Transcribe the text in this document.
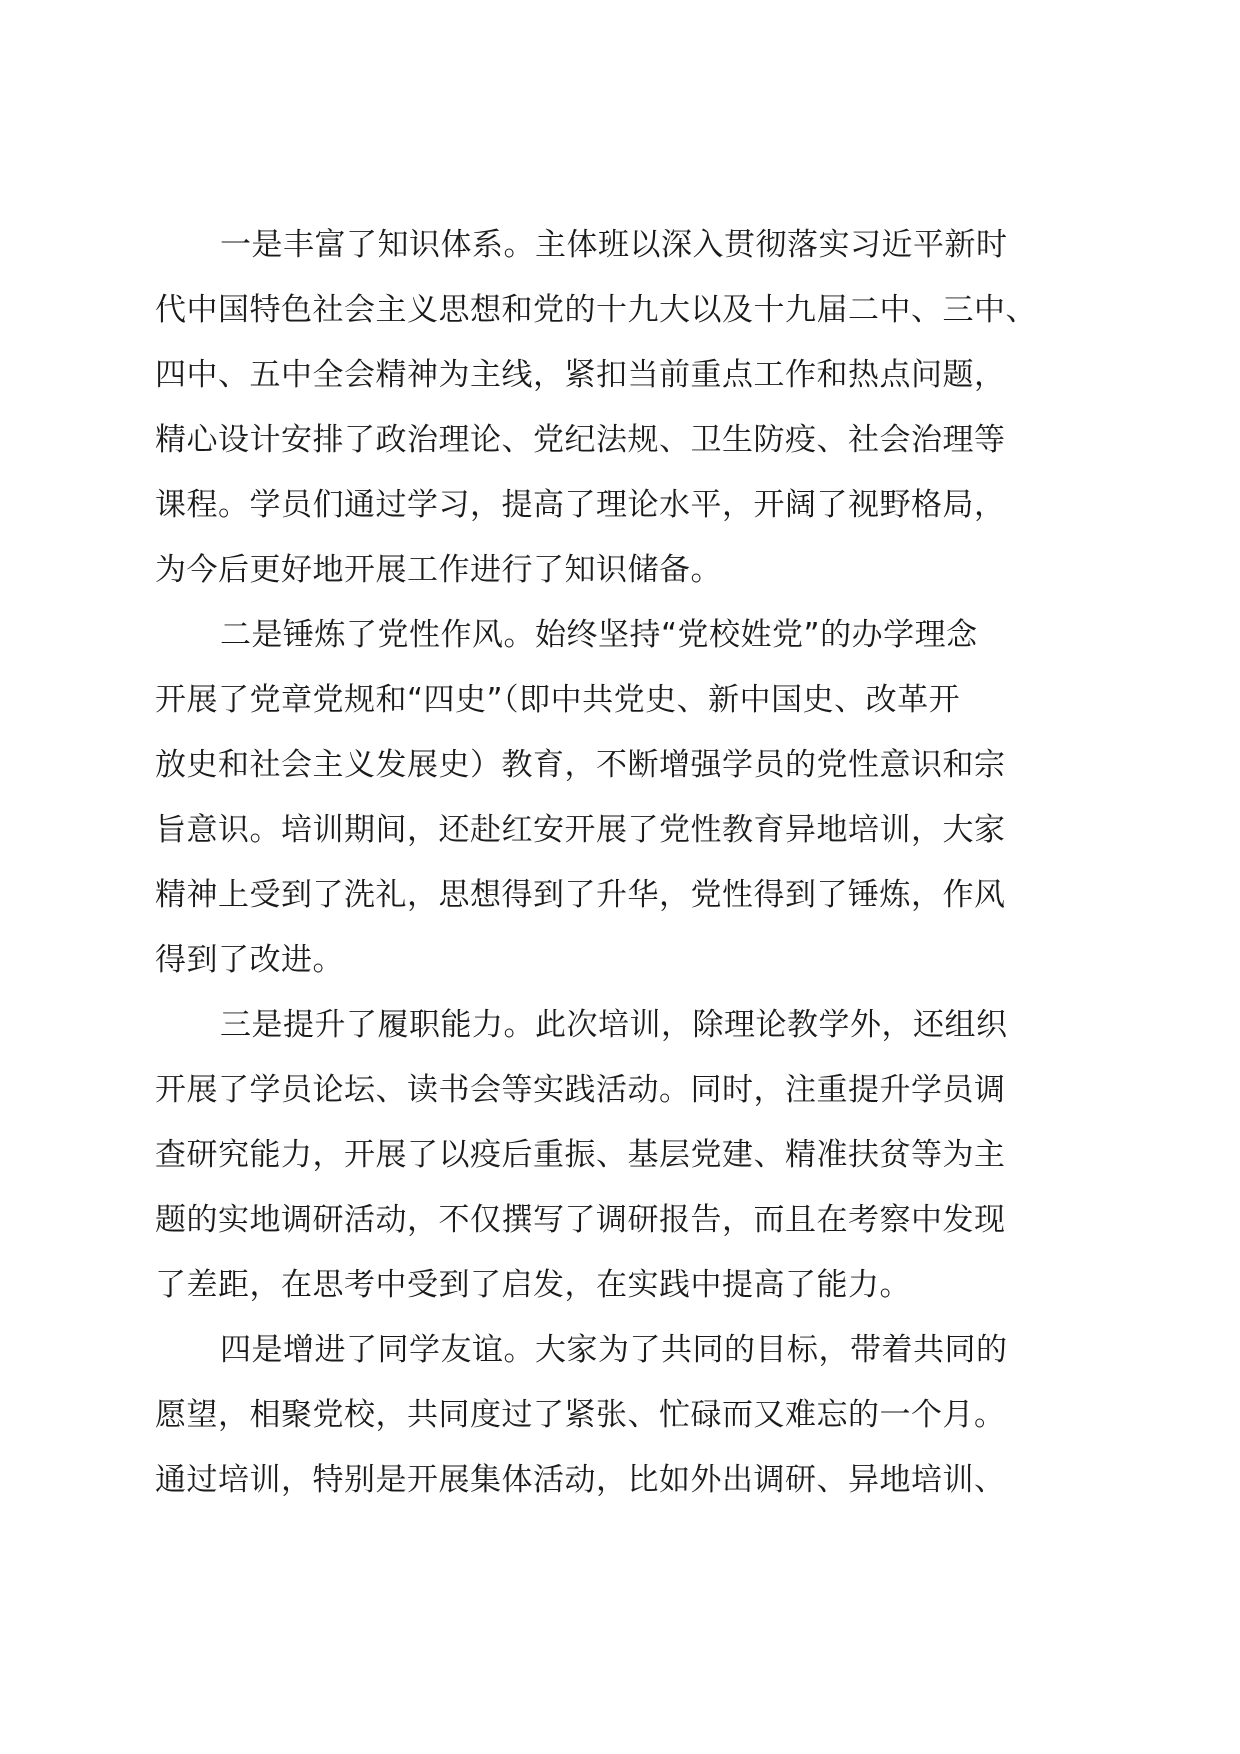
一是丰富了知识体系。主体班以深入贯彻落实习近平新时
代中国特色社会主义思想和党的十九大以及十九届二中、三中、
四中、五中全会精神为主线，紧扣当前重点工作和热点问题，
精心设计安排了政治理论、党纪法规、卫生防疫、社会治理等
课程。学员们通过学习，提高了理论水平，开阔了视野格局，
为今后更好地开展工作进行了知识储备。
二是锤炼了党性作风。始终坚持“党校姓党”的办学理念
开展了党章党规和“四史”（即中共党史、新中国史、改革开
放史和社会主义发展史）教育，不断增强学员的党性意识和宗
旨意识。培训期间，还赴红安开展了党性教育异地培训，大家
精神上受到了洗礼，思想得到了升华，党性得到了锤炼，作风
得到了改进。
三是提升了履职能力。此次培训，除理论教学外，还组织
开展了学员论坛、读书会等实践活动。同时，注重提升学员调
查研究能力，开展了以疫后重振、基层党建、精准扶贫等为主
题的实地调研活动，不仅撰写了调研报告，而且在考察中发现
了差距，在思考中受到了启发，在实践中提高了能力。
四是增进了同学友谊。大家为了共同的目标，带着共同的
愿望，相聚党校，共同度过了紧张、忙碌而又难忘的一个月。
通过培训，特别是开展集体活动，比如外出调研、异地培训、
